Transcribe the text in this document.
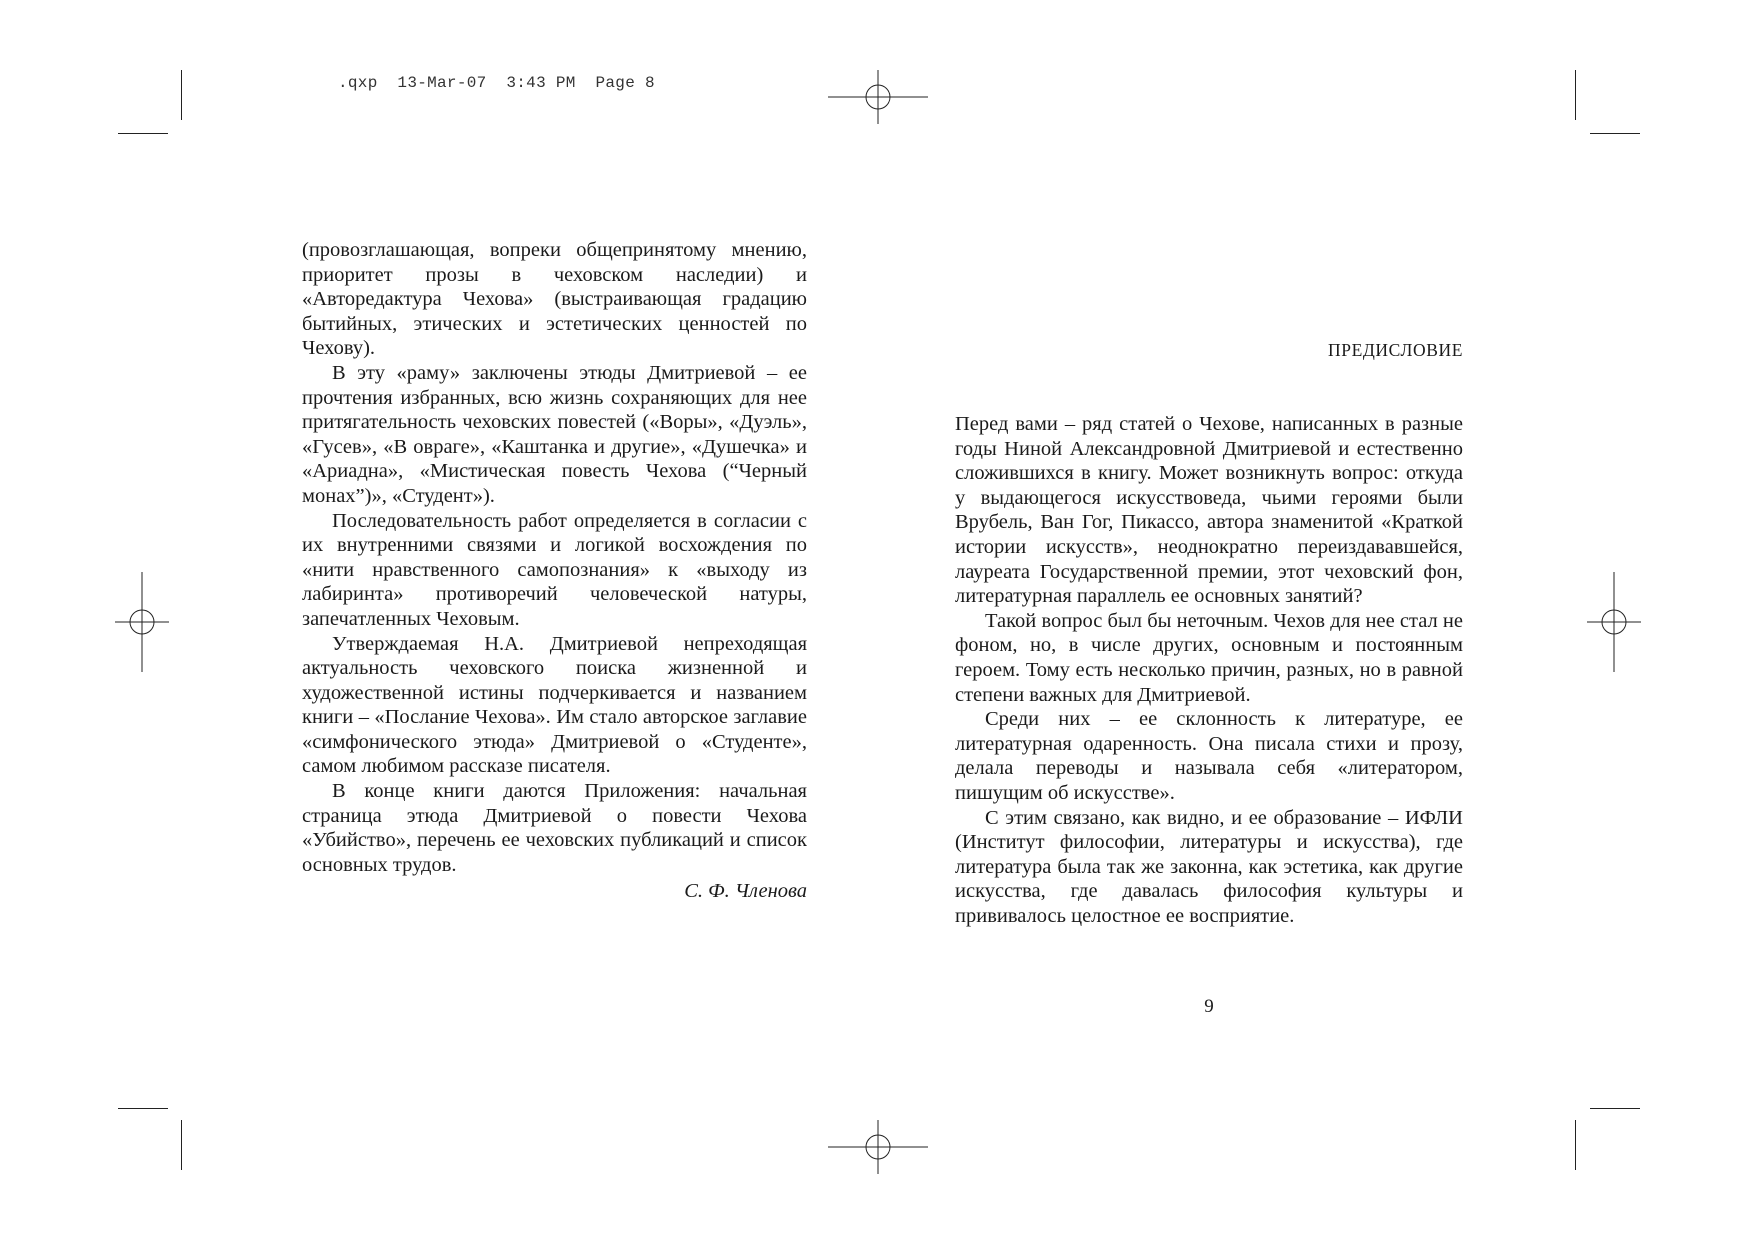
.qxp 13-Mar-07 3:43 PM Page 8

(провозглашающая, вопреки общепринятому мнению, приоритет прозы в чеховском наследии) и «Автоpедактура Чехова» (выстраивающая градацию бытийных, этических и эстетических ценностей по Чехову).

В эту «раму» заключены этюды Дмитриевой – ее прочтения избранных, всю жизнь сохраняющих для нее притягательность чеховских повестей («Воры», «Дуэль», «Гусев», «В овраге», «Каштанка и другие», «Душечка» и «Ариадна», «Мистическая повесть Чехова (“Черный монах”)», «Студент»).

Последовательность работ определяется в согласии с их внутренними связями и логикой восхождения по «нити нравственного самопознания» к «выходу из лабиринта» противоречий человеческой натуры, запечатленных Чеховым.

Утверждаемая Н.А. Дмитриевой непреходящая актуальность чеховского поиска жизненной и художественной истины подчеркивается и названием книги – «Послание Чехова». Им стало авторское заглавие «симфонического этюда» Дмитриевой о «Студенте», самом любимом рассказе писателя.

В конце книги даются Приложения: начальная страница этюда Дмитриевой о повести Чехова «Убийство», перечень ее чеховских публикаций и список основных трудов.

С. Ф. Членова
ПРЕДИСЛОВИЕ

Перед вами – ряд статей о Чехове, написанных в разные годы Ниной Александровной Дмитриевой и естественно сложившихся в книгу. Может возникнуть вопрос: откуда у выдающегося искусствоведа, чьими героями были Врубель, Ван Гог, Пикассо, автора знаменитой «Краткой истории искусств», неоднократно переиздававшейся, лауреата Государственной премии, этот чеховский фон, литературная параллель ее основных занятий?

Такой вопрос был бы неточным. Чехов для нее стал не фоном, но, в числе других, основным и постоянным героем. Тому есть несколько причин, разных, но в равной степени важных для Дмитриевой.

Среди них – ее склонность к литературе, ее литературная одаренность. Она писала стихи и прозу, делала переводы и называла себя «литератором, пишущим об искусстве».

С этим связано, как видно, и ее образование – ИФЛИ (Институт философии, литературы и искусства), где литература была так же законна, как эстетика, как другие искусства, где давалась философия культуры и прививалось целостное ее восприятие.

9
